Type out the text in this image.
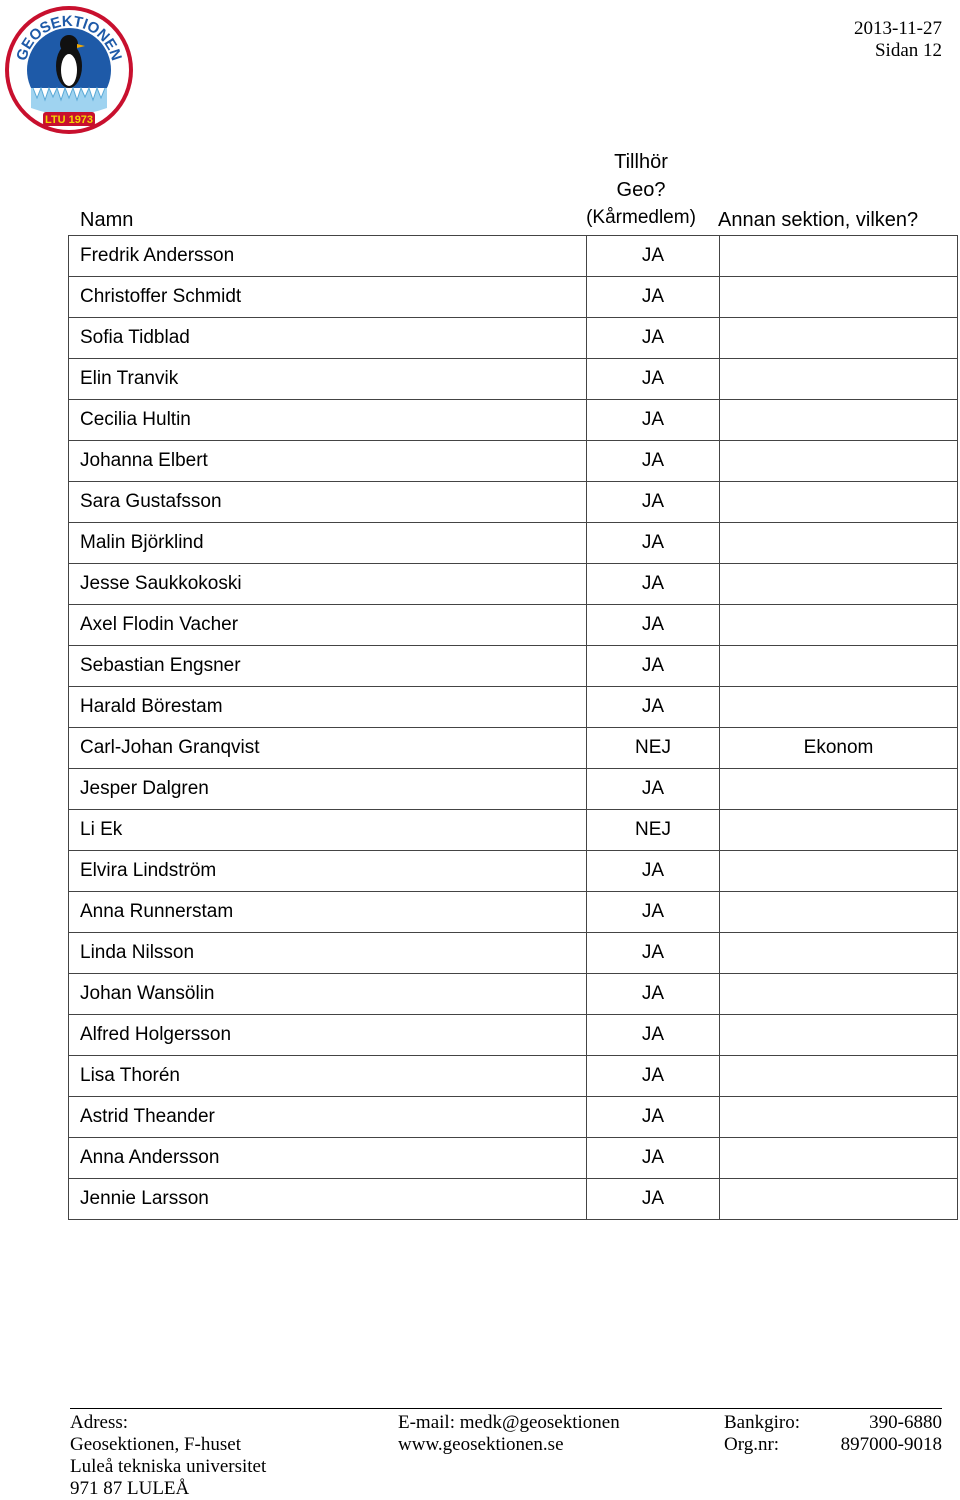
GEOSEKTIONEN
LTU 1973
2013-11-27
Sidan 12
Namn
Tillhör
Geo?
(Kårmedlem)	Annan sektion, vilken?
Fredrik Andersson	JA	
Christoffer Schmidt	JA	
Sofia Tidblad	JA	
Elin Tranvik	JA	
Cecilia Hultin	JA	
Johanna Elbert	JA	
Sara Gustafsson	JA	
Malin Björklind	JA	
Jesse Saukkokoski	JA	
Axel Flodin Vacher	JA	
Sebastian Engsner	JA	
Harald Börestam	JA	
Carl-Johan Granqvist	NEJ	Ekonom
Jesper Dalgren	JA	
Li Ek	NEJ	
Elvira Lindström	JA	
Anna Runnerstam	JA	
Linda Nilsson	JA	
Johan Wansölin	JA	
Alfred Holgersson	JA	
Lisa Thorén	JA	
Astrid Theander	JA	
Anna Andersson	JA	
Jennie Larsson	JA	
Adress:
Geosektionen, F-huset
Luleå tekniska universitet
971 87 LULEÅ
E-mail: medk@geosektionen
www.geosektionen.se
Bankgiro:	390-6880
Org.nr:	897000-9018
